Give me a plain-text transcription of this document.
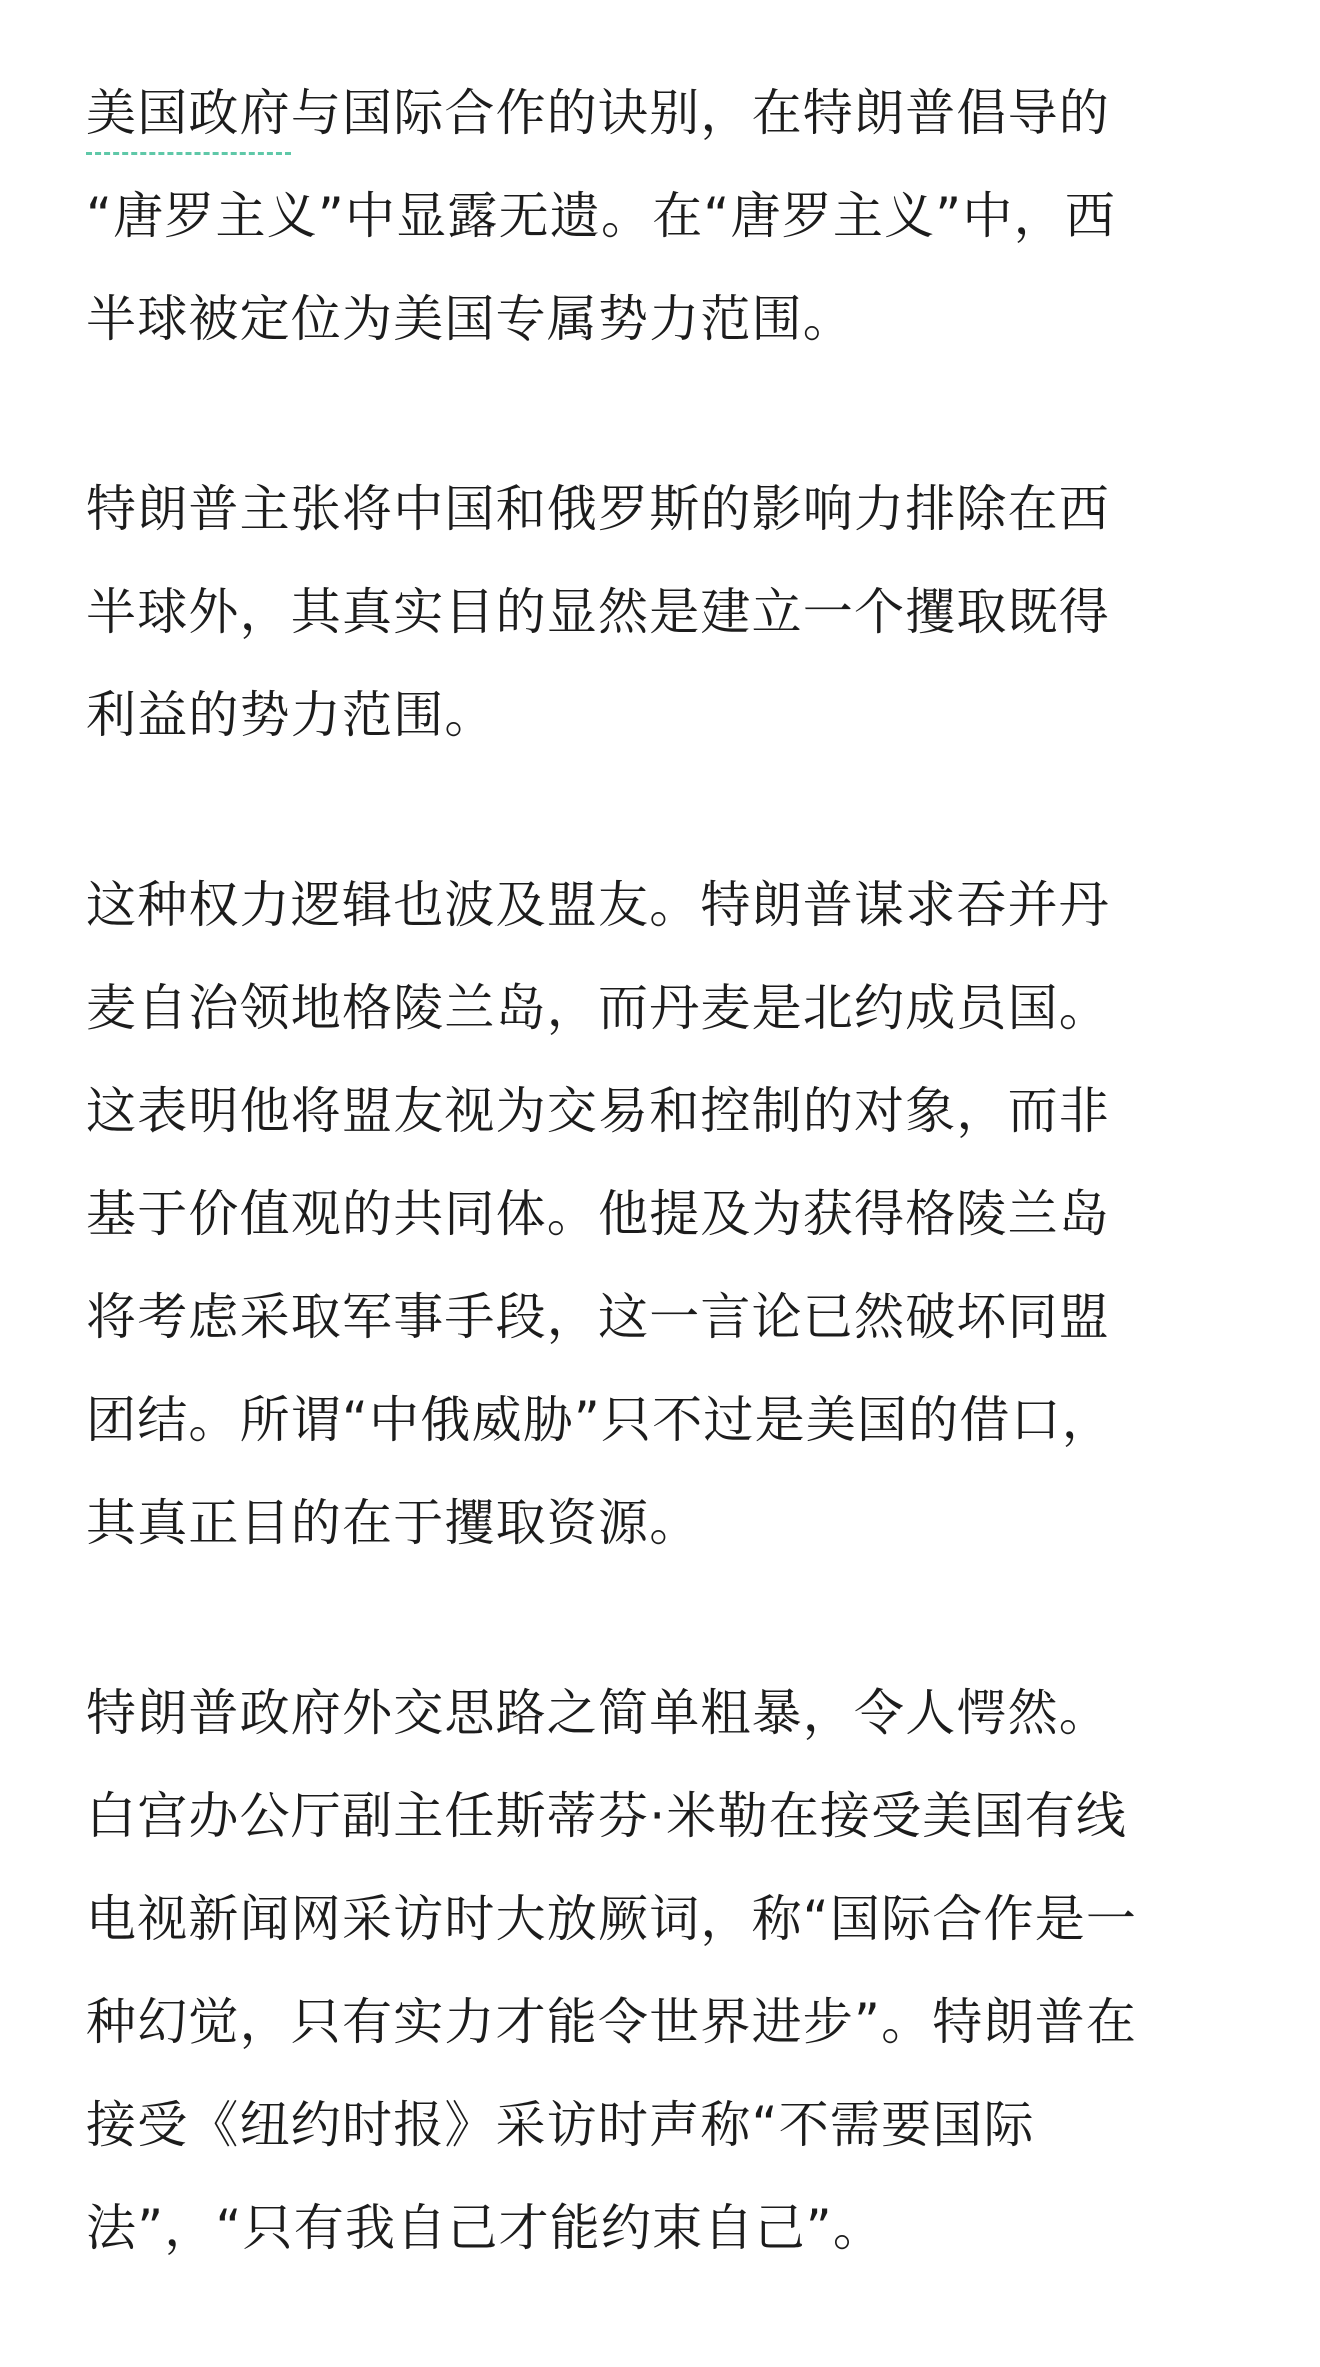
美国政府与国际合作的诀别，在特朗普倡导的
“唐罗主义”中显露无遗。在“唐罗主义”中，西
半球被定位为美国专属势力范围。
特朗普主张将中国和俄罗斯的影响力排除在西
半球外，其真实目的显然是建立一个攫取既得
利益的势力范围。
这种权力逻辑也波及盟友。特朗普谋求吞并丹
麦自治领地格陵兰岛，而丹麦是北约成员国。
这表明他将盟友视为交易和控制的对象，而非
基于价值观的共同体。他提及为获得格陵兰岛
将考虑采取军事手段，这一言论已然破坏同盟
团结。所谓“中俄威胁”只不过是美国的借口，
其真正目的在于攫取资源。
特朗普政府外交思路之简单粗暴，令人愕然。
白宫办公厅副主任斯蒂芬·米勒在接受美国有线
电视新闻网采访时大放厥词，称“国际合作是一
种幻觉，只有实力才能令世界进步”。特朗普在
接受《纽约时报》采访时声称“不需要国际
法”，“只有我自己才能约束自己”。
